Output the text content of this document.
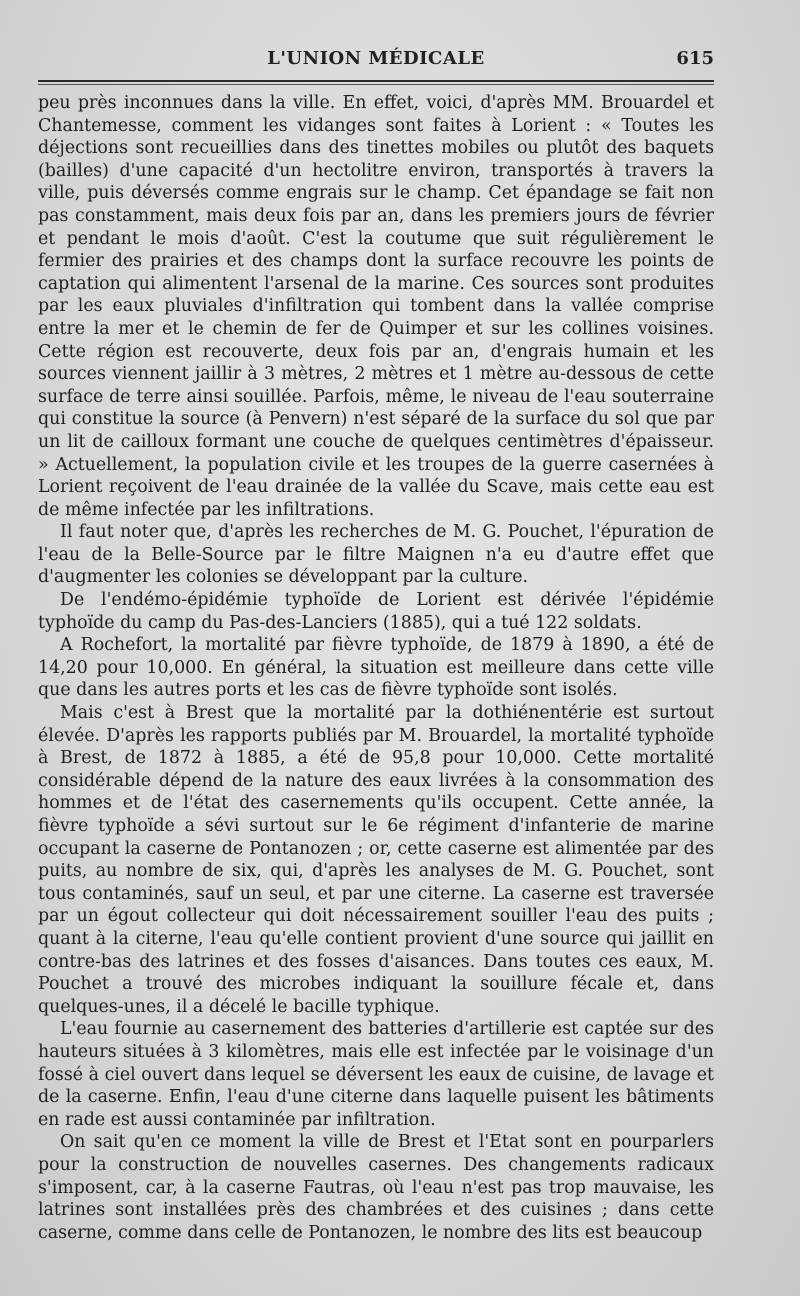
L'UNION MÉDICALE	615

peu près inconnues dans la ville. En effet, voici, d'après MM. Brouardel et Chantemesse, comment les vidanges sont faites à Lorient : « Toutes les déjections sont recueillies dans des tinettes mobiles ou plutôt des baquets (bailles) d'une capacité d'un hectolitre environ, transportés à travers la ville, puis déversés comme engrais sur le champ. Cet épandage se fait non pas constamment, mais deux fois par an, dans les premiers jours de février et pendant le mois d'août. C'est la coutume que suit régulièrement le fermier des prairies et des champs dont la surface recouvre les points de captation qui alimentent l'arsenal de la marine. Ces sources sont produites par les eaux pluviales d'infiltration qui tombent dans la vallée comprise entre la mer et le chemin de fer de Quimper et sur les collines voisines. Cette région est recouverte, deux fois par an, d'engrais humain et les sources viennent jaillir à 3 mètres, 2 mètres et 1 mètre au-dessous de cette surface de terre ainsi souillée. Parfois, même, le niveau de l'eau souterraine qui constitue la source (à Penvern) n'est séparé de la surface du sol que par un lit de cailloux formant une couche de quelques centimètres d'épaisseur. » Actuellement, la population civile et les troupes de la guerre casernées à Lorient reçoivent de l'eau drainée de la vallée du Scave, mais cette eau est de même infectée par les infiltrations.

Il faut noter que, d'après les recherches de M. G. Pouchet, l'épuration de l'eau de la Belle-Source par le filtre Maignen n'a eu d'autre effet que d'augmenter les colonies se développant par la culture.

De l'endémo-épidémie typhoïde de Lorient est dérivée l'épidémie typhoïde du camp du Pas-des-Lanciers (1885), qui a tué 122 soldats.

A Rochefort, la mortalité par fièvre typhoïde, de 1879 à 1890, a été de 14,20 pour 10,000. En général, la situation est meilleure dans cette ville que dans les autres ports et les cas de fièvre typhoïde sont isolés.

Mais c'est à Brest que la mortalité par la dothiénentérie est surtout élevée. D'après les rapports publiés par M. Brouardel, la mortalité typhoïde à Brest, de 1872 à 1885, a été de 95,8 pour 10,000. Cette mortalité considérable dépend de la nature des eaux livrées à la consommation des hommes et de l'état des casernements qu'ils occupent. Cette année, la fièvre typhoïde a sévi surtout sur le 6e régiment d'infanterie de marine occupant la caserne de Pontanozen ; or, cette caserne est alimentée par des puits, au nombre de six, qui, d'après les analyses de M. G. Pouchet, sont tous contaminés, sauf un seul, et par une citerne. La caserne est traversée par un égout collecteur qui doit nécessairement souiller l'eau des puits ; quant à la citerne, l'eau qu'elle contient provient d'une source qui jaillit en contre-bas des latrines et des fosses d'aisances. Dans toutes ces eaux, M. Pouchet a trouvé des microbes indiquant la souillure fécale et, dans quelques-unes, il a décelé le bacille typhique.

L'eau fournie au casernement des batteries d'artillerie est captée sur des hauteurs situées à 3 kilomètres, mais elle est infectée par le voisinage d'un fossé à ciel ouvert dans lequel se déversent les eaux de cuisine, de lavage et de la caserne. Enfin, l'eau d'une citerne dans laquelle puisent les bâtiments en rade est aussi contaminée par infiltration.

On sait qu'en ce moment la ville de Brest et l'Etat sont en pourparlers pour la construction de nouvelles casernes. Des changements radicaux s'imposent, car, à la caserne Fautras, où l'eau n'est pas trop mauvaise, les latrines sont installées près des chambrées et des cuisines ; dans cette caserne, comme dans celle de Pontanozen, le nombre des lits est beaucoup
